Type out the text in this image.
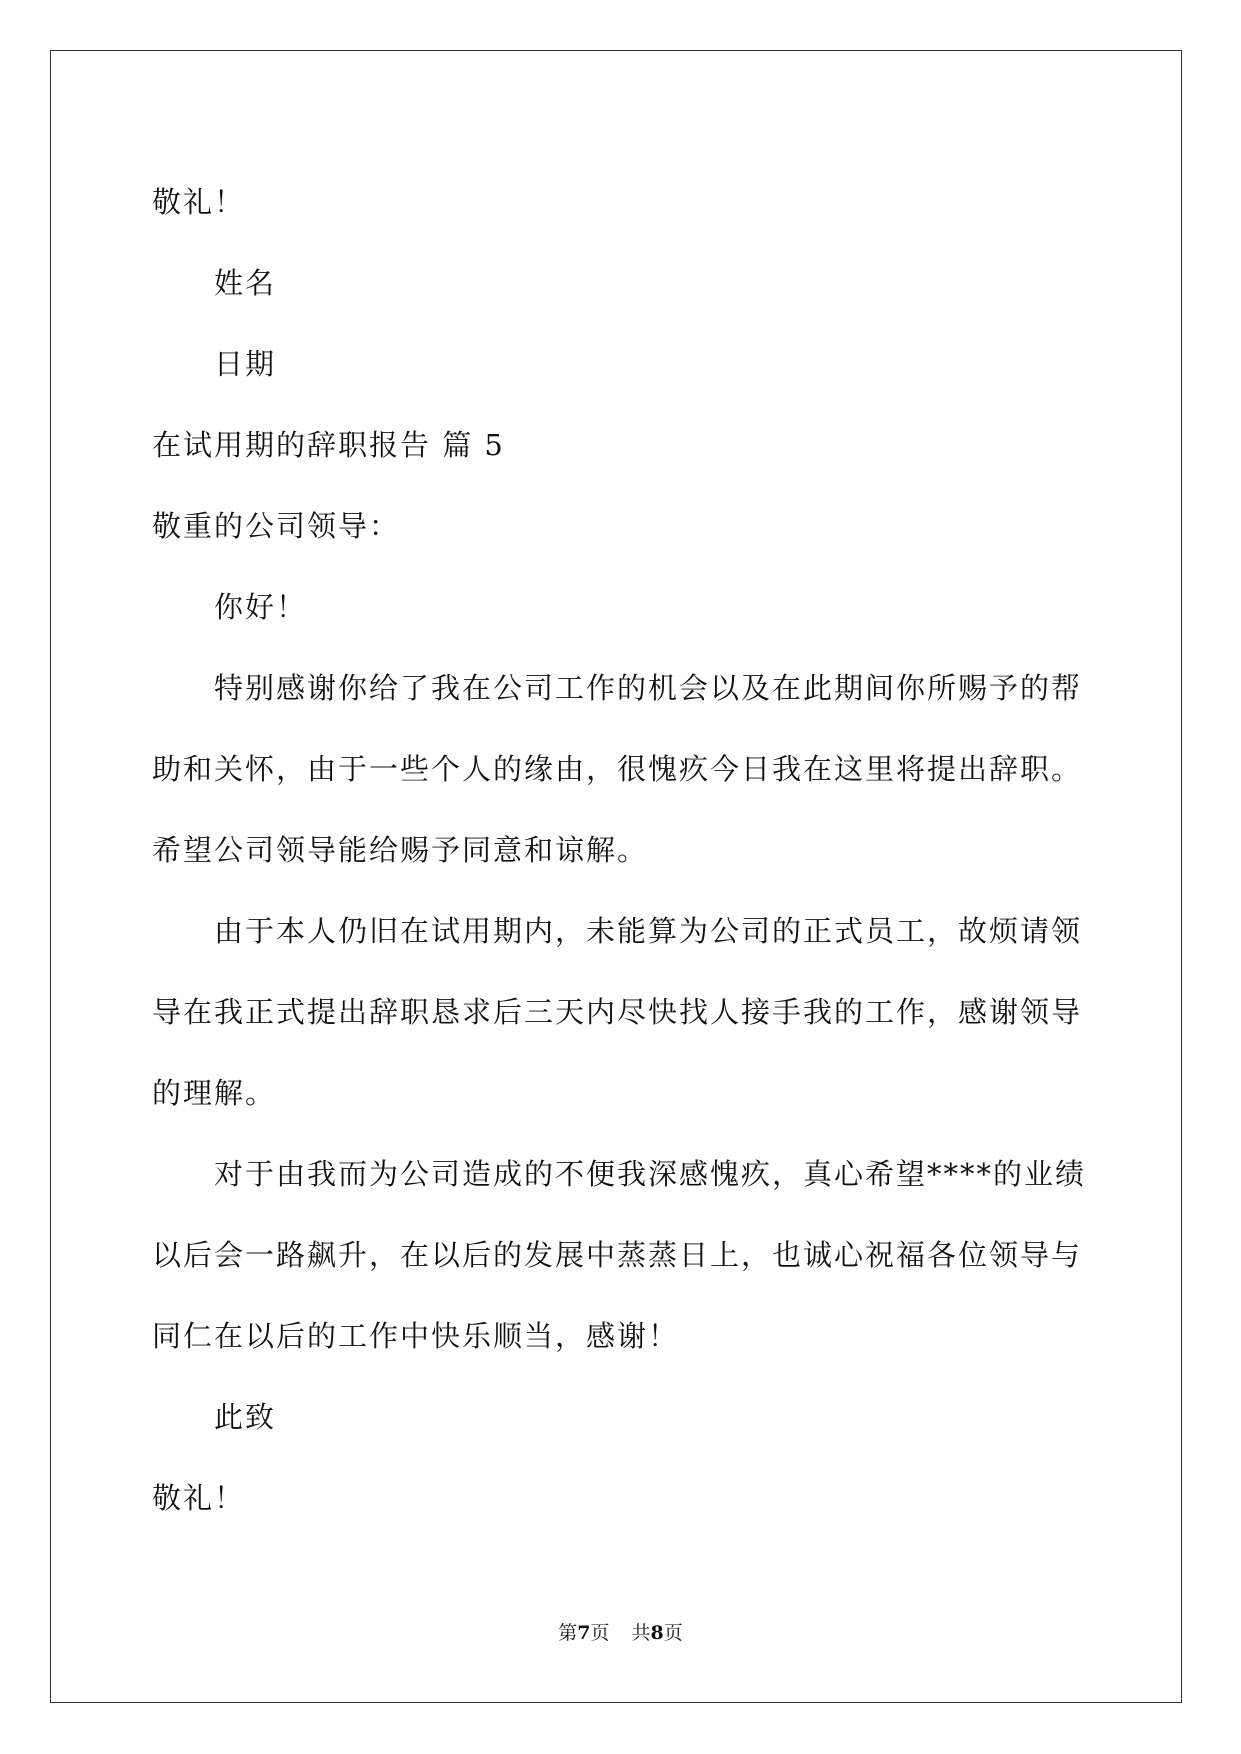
敬礼！
姓名
日期
在试用期的辞职报告 篇 5
敬重的公司领导：
你好！
特别感谢你给了我在公司工作的机会以及在此期间你所赐予的帮
助和关怀，由于一些个人的缘由，很愧疚今日我在这里将提出辞职。
希望公司领导能给赐予同意和谅解。
由于本人仍旧在试用期内，未能算为公司的正式员工，故烦请领
导在我正式提出辞职恳求后三天内尽快找人接手我的工作，感谢领导
的理解。
对于由我而为公司造成的不便我深感愧疚，真心希望****的业绩
以后会一路飙升，在以后的发展中蒸蒸日上，也诚心祝福各位领导与
同仁在以后的工作中快乐顺当，感谢！
此致
敬礼！
第7页 共8页
